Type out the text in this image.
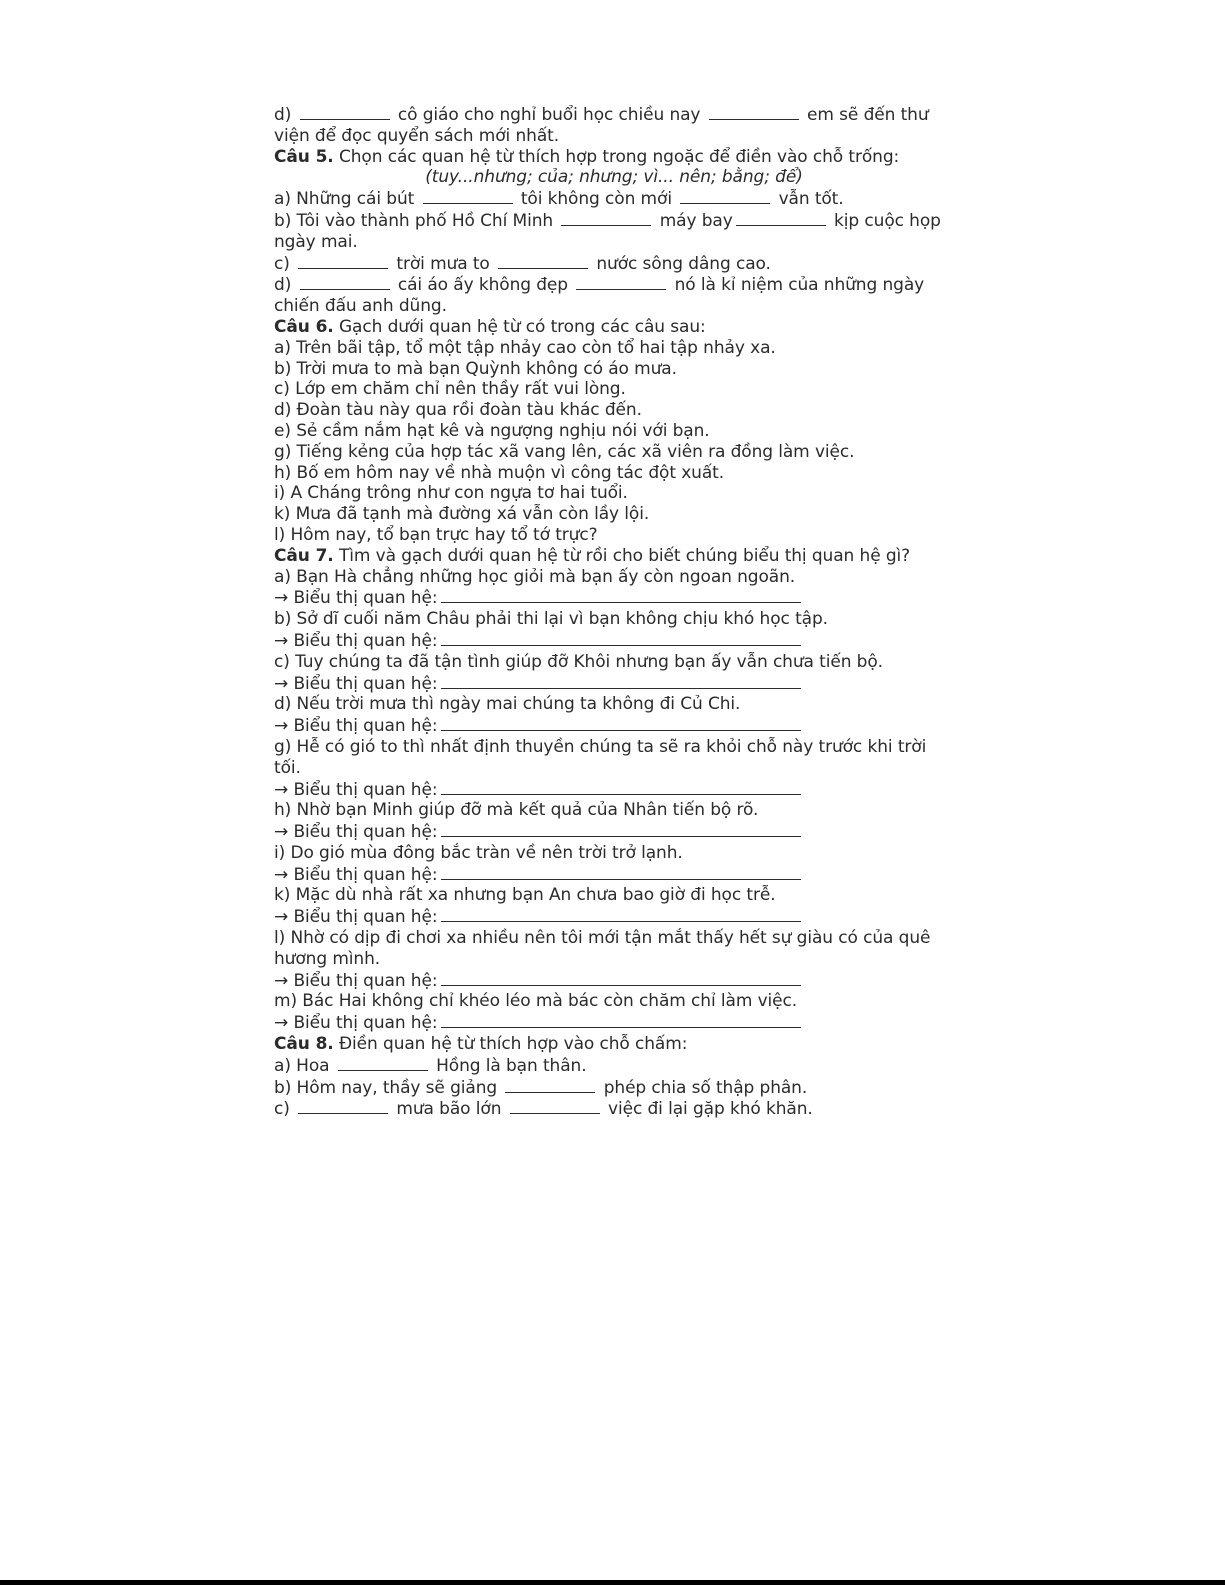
d)	cô giáo cho nghỉ buổi học chiều nay	em sẽ đến thư viện để đọc quyển sách mới nhất.
Câu 5. Chọn các quan hệ từ thích hợp trong ngoặc để điền vào chỗ trống:
(tuy...nhưng; của; nhưng; vì... nên; bằng; để)
a) Những cái bút	tôi không còn mới	vẫn tốt.
b) Tôi vào thành phố Hồ Chí Minh	máy bay	kịp cuộc họp ngày mai.
c)	trời mưa to	nước sông dâng cao.
d)	cái áo ấy không đẹp	nó là kỉ niệm của những ngày chiến đấu anh dũng.
Câu 6. Gạch dưới quan hệ từ có trong các câu sau:
a) Trên bãi tập, tổ một tập nhảy cao còn tổ hai tập nhảy xa.
b) Trời mưa to mà bạn Quỳnh không có áo mưa.
c) Lớp em chăm chỉ nên thầy rất vui lòng.
d) Đoàn tàu này qua rồi đoàn tàu khác đến.
e) Sẻ cầm nắm hạt kê và ngượng nghịu nói với bạn.
g) Tiếng kẻng của hợp tác xã vang lên, các xã viên ra đồng làm việc.
h) Bố em hôm nay về nhà muộn vì công tác đột xuất.
i) A Cháng trông như con ngựa tơ hai tuổi.
k) Mưa đã tạnh mà đường xá vẫn còn lầy lội.
l) Hôm nay, tổ bạn trực hay tổ tớ trực?
Câu 7. Tìm và gạch dưới quan hệ từ rồi cho biết chúng biểu thị quan hệ gì?
a) Bạn Hà chẳng những học giỏi mà bạn ấy còn ngoan ngoãn.
→ Biểu thị quan hệ:
b) Sở dĩ cuối năm Châu phải thi lại vì bạn không chịu khó học tập.
→ Biểu thị quan hệ:
c) Tuy chúng ta đã tận tình giúp đỡ Khôi nhưng bạn ấy vẫn chưa tiến bộ.
→ Biểu thị quan hệ:
d) Nếu trời mưa thì ngày mai chúng ta không đi Củ Chi.
→ Biểu thị quan hệ:
g) Hễ có gió to thì nhất định thuyền chúng ta sẽ ra khỏi chỗ này trước khi trời tối.
→ Biểu thị quan hệ:
h) Nhờ bạn Minh giúp đỡ mà kết quả của Nhân tiến bộ rõ.
→ Biểu thị quan hệ:
i) Do gió mùa đông bắc tràn về nên trời trở lạnh.
→ Biểu thị quan hệ:
k) Mặc dù nhà rất xa nhưng bạn An chưa bao giờ đi học trễ.
→ Biểu thị quan hệ:
l) Nhờ có dịp đi chơi xa nhiều nên tôi mới tận mắt thấy hết sự giàu có của quê hương mình.
→ Biểu thị quan hệ:
m) Bác Hai không chỉ khéo léo mà bác còn chăm chỉ làm việc.
→ Biểu thị quan hệ:
Câu 8. Điền quan hệ từ thích hợp vào chỗ chấm:
a) Hoa	Hồng là bạn thân.
b) Hôm nay, thầy sẽ giảng	phép chia số thập phân.
c)	mưa bão lớn	việc đi lại gặp khó khăn.
